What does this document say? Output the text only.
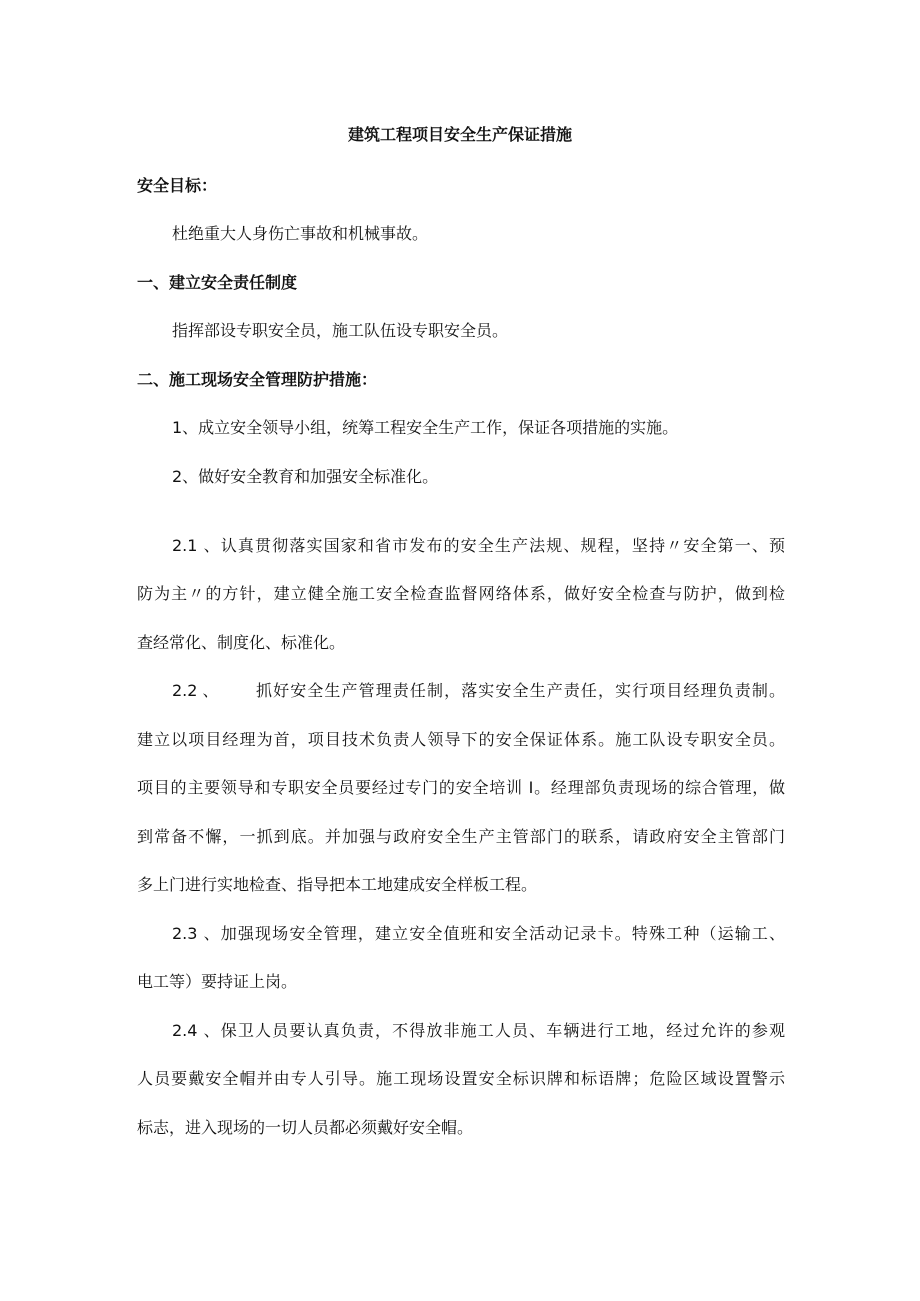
建筑工程项目安全生产保证措施
安全目标：
杜绝重大人身伤亡事故和机械事故。
一、建立安全责任制度
指挥部设专职安全员，施工队伍设专职安全员。
二、施工现场安全管理防护措施：
1、成立安全领导小组，统筹工程安全生产工作，保证各项措施的实施。
2、做好安全教育和加强安全标准化。
2.1 、认真贯彻落实国家和省市发布的安全生产法规、规程，坚持〃安全第一、预
防为主〃的方针，建立健全施工安全检查监督网络体系，做好安全检查与防护，做到检
查经常化、制度化、标准化。
2.2 、 抓好安全生产管理责任制，落实安全生产责任，实行项目经理负责制。
建立以项目经理为首，项目技术负责人领导下的安全保证体系。施工队设专职安全员。
项目的主要领导和专职安全员要经过专门的安全培训 I。经理部负责现场的综合管理，做
到常备不懈，一抓到底。并加强与政府安全生产主管部门的联系，请政府安全主管部门
多上门进行实地检查、指导把本工地建成安全样板工程。
2.3 、加强现场安全管理，建立安全值班和安全活动记录卡。特殊工种（运输工、
电工等）要持证上岗。
2.4 、保卫人员要认真负责，不得放非施工人员、车辆进行工地，经过允许的参观
人员要戴安全帽并由专人引导。施工现场设置安全标识牌和标语牌；危险区域设置警示
标志，进入现场的一切人员都必须戴好安全帽。
